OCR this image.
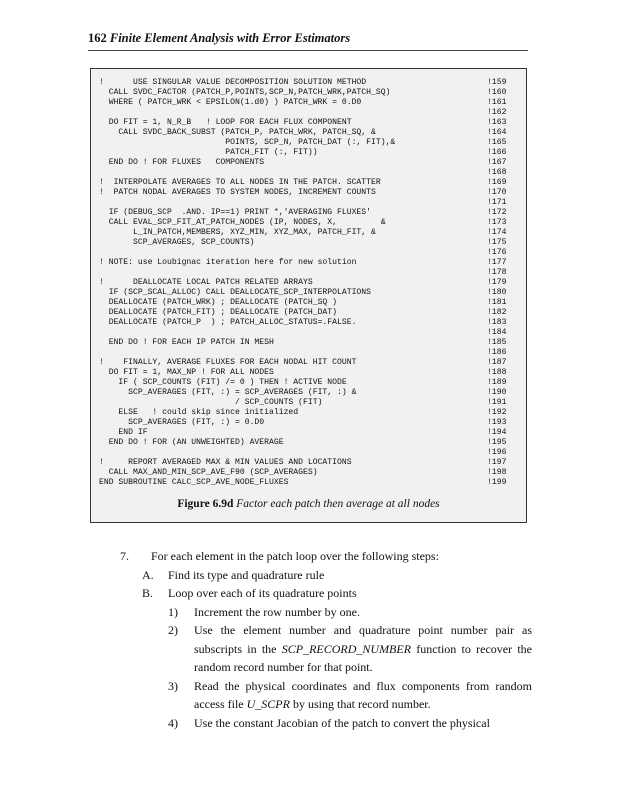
162 Finite Element Analysis with Error Estimators
!      USE SINGULAR VALUE DECOMPOSITION SOLUTION METHOD	!159
CALL SVDC_FACTOR (PATCH_P,POINTS,SCP_N,PATCH_WRK,PATCH_SQ)	!160
WHERE ( PATCH_WRK < EPSILON(1.d0) ) PATCH_WRK = 0.D0	!161
!162
DO FIT = 1, N_R_B   ! LOOP FOR EACH FLUX COMPONENT	!163
CALL SVDC_BACK_SUBST (PATCH_P, PATCH_WRK, PATCH_SQ, &	!164
POINTS, SCP_N, PATCH_DAT (:, FIT),&	!165
PATCH_FIT (:, FIT))	!166
END DO ! FOR FLUXES   COMPONENTS	!167
!168
!  INTERPOLATE AVERAGES TO ALL NODES IN THE PATCH. SCATTER	!169
!  PATCH NODAL AVERAGES TO SYSTEM NODES, INCREMENT COUNTS	!170
!171
IF (DEBUG_SCP  .AND. IP==1) PRINT *,'AVERAGING FLUXES'	!172
CALL EVAL_SCP_FIT_AT_PATCH_NODES (IP, NODES, X,         &	!173
L_IN_PATCH,MEMBERS, XYZ_MIN, XYZ_MAX, PATCH_FIT, &	!174
SCP_AVERAGES, SCP_COUNTS)	!175
!176
! NOTE: use Loubignac iteration here for new solution	!177
!178
!      DEALLOCATE LOCAL PATCH RELATED ARRAYS	!179
IF (SCP_SCAL_ALLOC) CALL DEALLOCATE_SCP_INTERPOLATIONS	!180
DEALLOCATE (PATCH_WRK) ; DEALLOCATE (PATCH_SQ )	!181
DEALLOCATE (PATCH_FIT) ; DEALLOCATE (PATCH_DAT)	!182
DEALLOCATE (PATCH_P  ) ; PATCH_ALLOC_STATUS=.FALSE.	!183
!184
END DO ! FOR EACH IP PATCH IN MESH	!185
!186
!    FINALLY, AVERAGE FLUXES FOR EACH NODAL HIT COUNT	!187
DO FIT = 1, MAX_NP ! FOR ALL NODES	!188
IF ( SCP_COUNTS (FIT) /= 0 ) THEN ! ACTIVE NODE	!189
SCP_AVERAGES (FIT, :) = SCP_AVERAGES (FIT, :) &	!190
/ SCP_COUNTS (FIT)	!191
ELSE   ! could skip since initialized	!192
SCP_AVERAGES (FIT, :) = 0.D0	!193
END IF	!194
END DO ! FOR (AN UNWEIGHTED) AVERAGE	!195
!196
!     REPORT AVERAGED MAX & MIN VALUES AND LOCATIONS	!197
CALL MAX_AND_MIN_SCP_AVE_F90 (SCP_AVERAGES)	!198
END SUBROUTINE CALC_SCP_AVE_NODE_FLUXES	!199
Figure 6.9d Factor each patch then average at all nodes
7.	For each element in the patch loop over the following steps:
A.	Find its type and quadrature rule
B.	Loop over each of its quadrature points
1)	Increment the row number by one.
2)	Use the element number and quadrature point number pair as subscripts in the SCP_RECORD_NUMBER function to recover the random record number for that point.
3)	Read the physical coordinates and flux components from random access file U_SCPR by using that record number.
4)	Use the constant Jacobian of the patch to convert the physical
